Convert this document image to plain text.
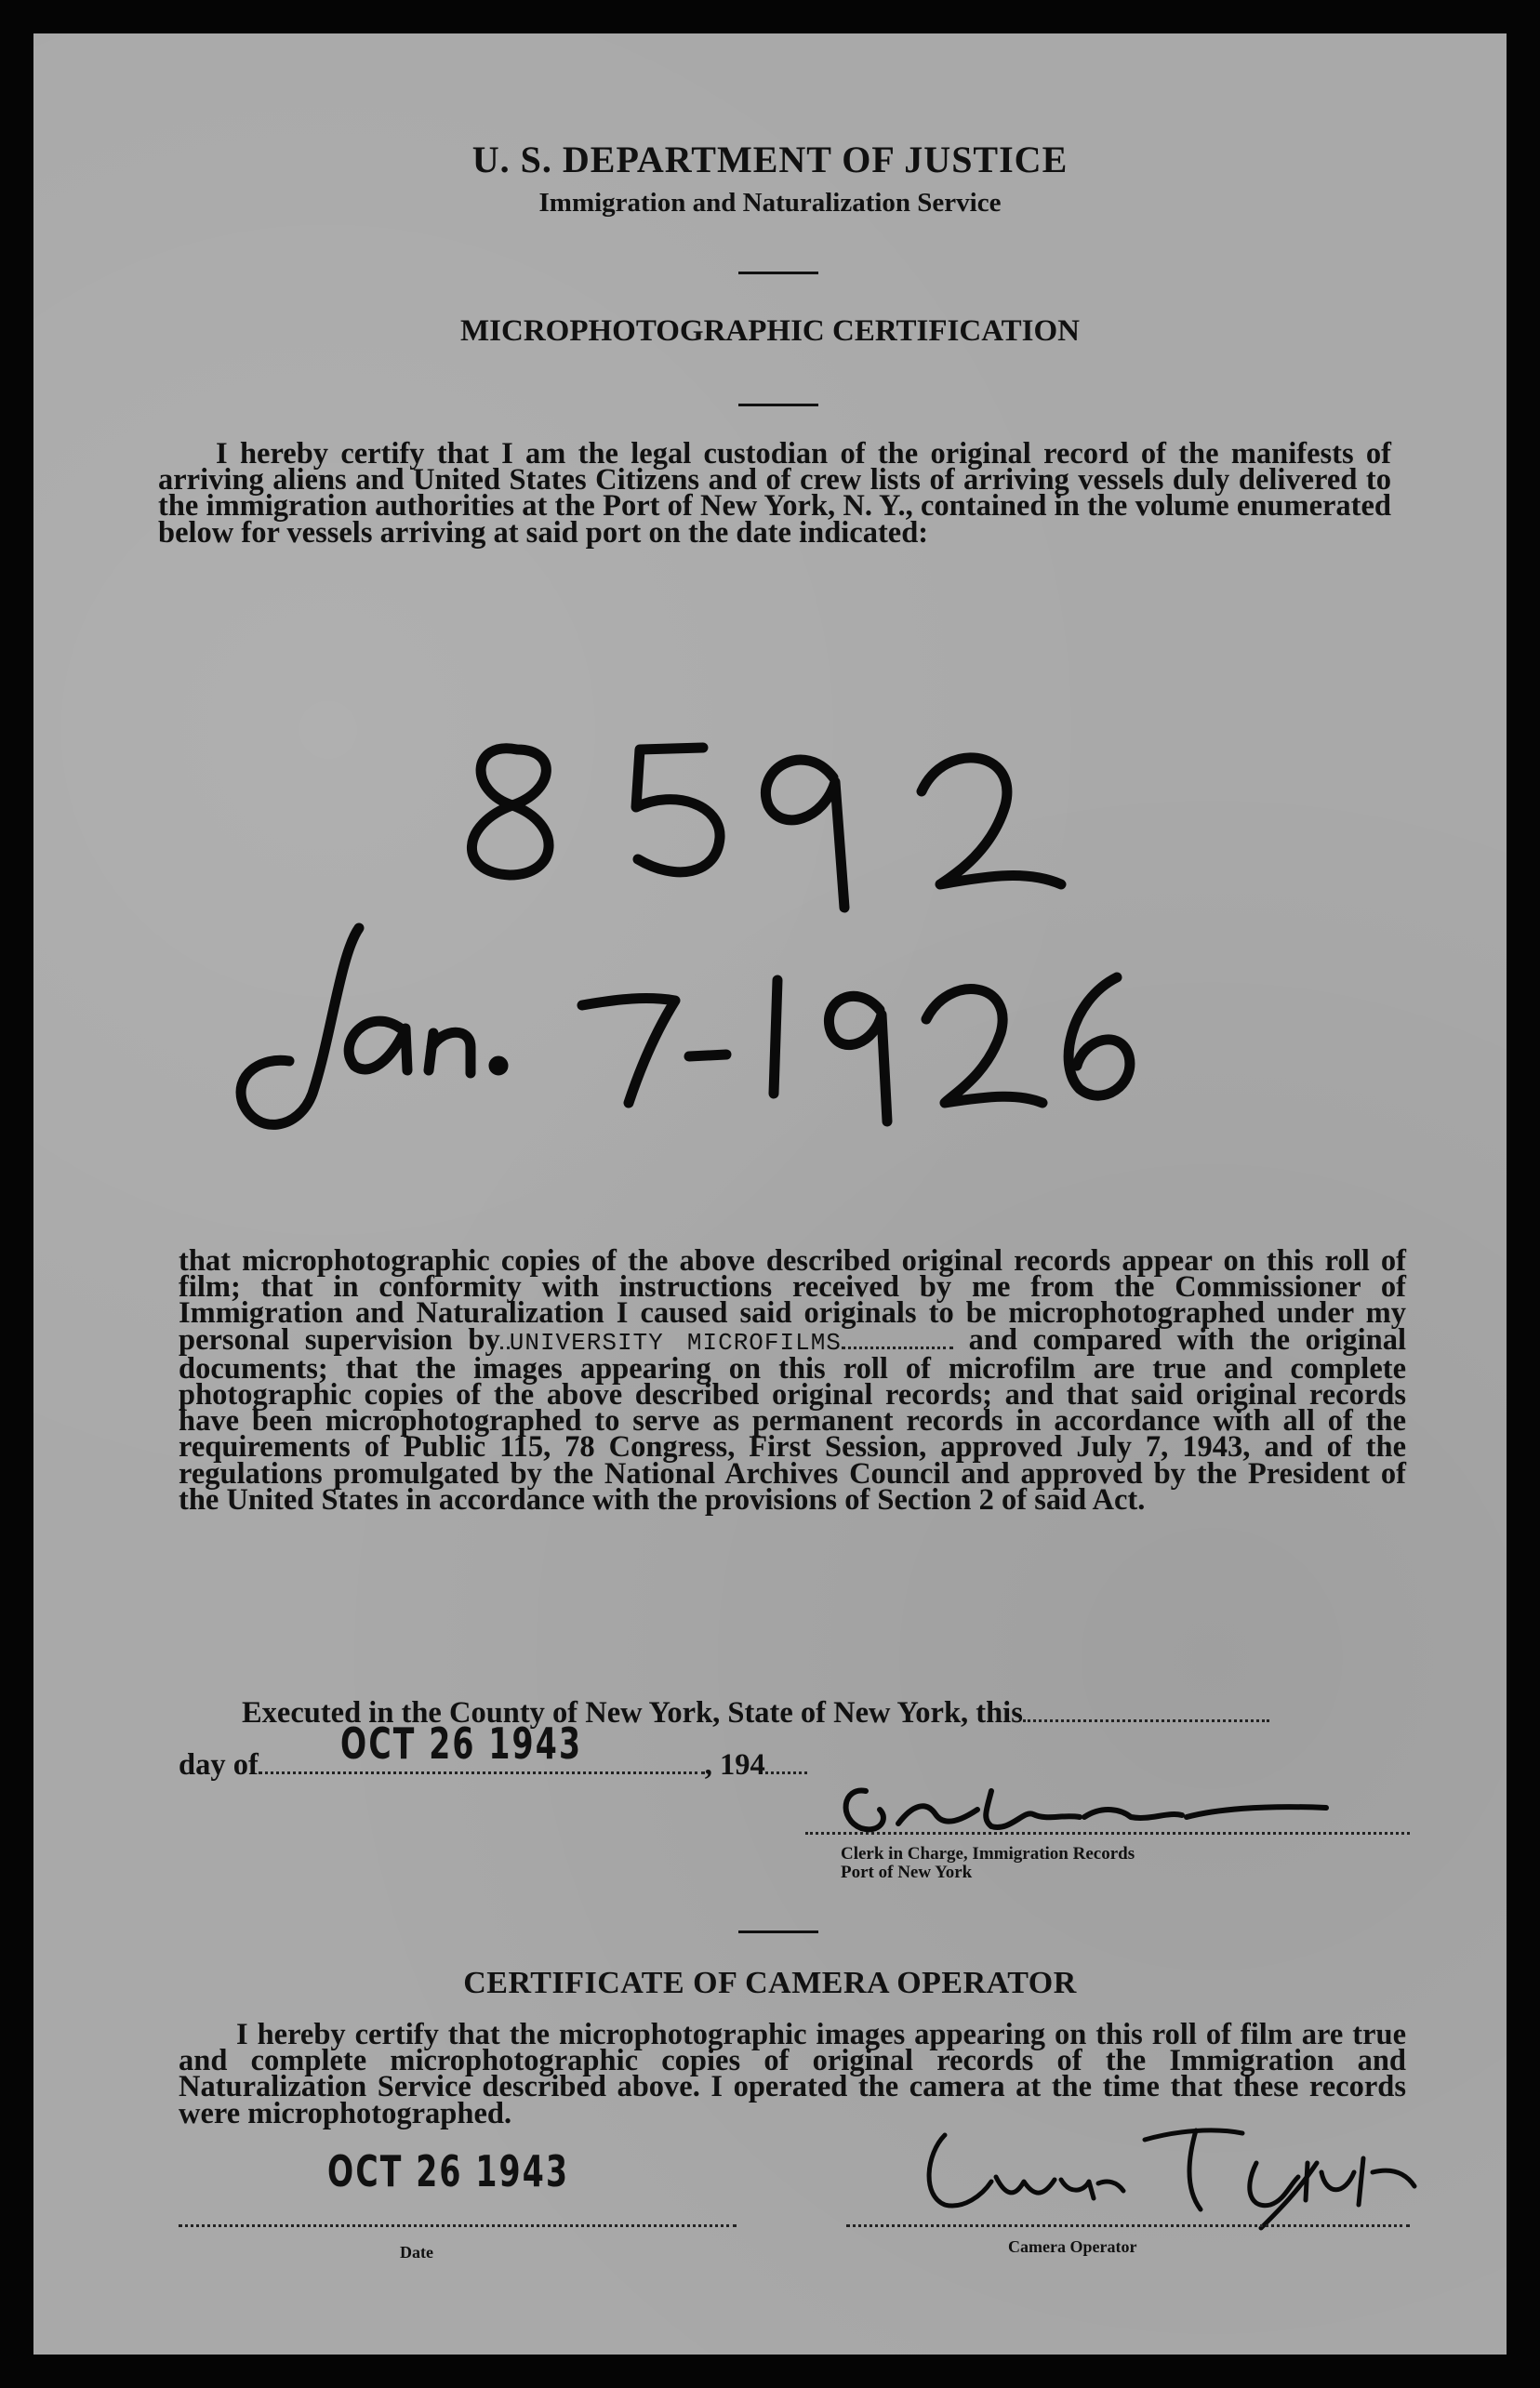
U. S. DEPARTMENT OF JUSTICE
Immigration and Naturalization Service
MICROPHOTOGRAPHIC CERTIFICATION

I hereby certify that I am the legal custodian of the original record of the manifests of arriving aliens and United States Citizens and of crew lists of arriving vessels duly delivered to the immigration authorities at the Port of New York, N. Y., contained in the volume enumerated below for vessels arriving at said port on the date indicated:

that microphotographic copies of the above described original records appear on this roll of film; that in conformity with instructions received by me from the Commissioner of Immigration and Naturalization I caused said originals to be microphotographed under my personal supervision by UNIVERSITY MICROFILMS	and compared with the original documents; that the images appearing on this roll of microfilm are true and complete photographic copies of the above described original records; and that said original records have been microphotographed to serve as permanent records in accordance with all of the requirements of Public 115, 78 Congress, First Session, approved July 7, 1943, and of the regulations promulgated by the National Archives Council and approved by the President of the United States in accordance with the provisions of Section 2 of said Act.

Executed in the County of New York, State of New York, this
day of	, 194
OCT 26 1943
Clerk in Charge, Immigration Records
Port of New York
CERTIFICATE OF CAMERA OPERATOR

I hereby certify that the microphotographic images appearing on this roll of film are true and complete microphotographic copies of original records of the Immigration and Naturalization Service described above. I operated the camera at the time that these records were microphotographed.

OCT 26 1943
Date	Camera Operator
